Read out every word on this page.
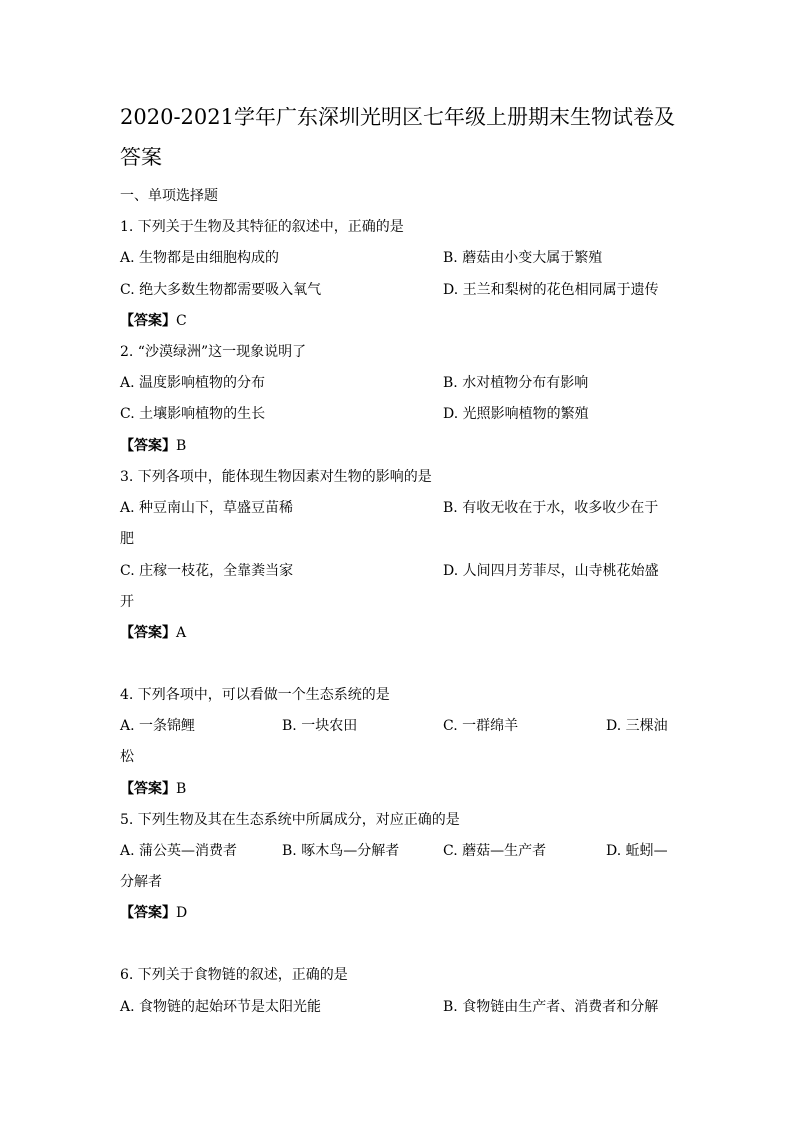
2020-2021学年广东深圳光明区七年级上册期末生物试卷及
答案
一、单项选择题
1. 下列关于生物及其特征的叙述中，正确的是
A. 生物都是由细胞构成的	B. 蘑菇由小变大属于繁殖
C. 绝大多数生物都需要吸入氧气	D. 王兰和梨树的花色相同属于遗传
【答案】C
2. “沙漠绿洲”这一现象说明了
A. 温度影响植物的分布	B. 水对植物分布有影响
C. 土壤影响植物的生长	D. 光照影响植物的繁殖
【答案】B
3. 下列各项中，能体现生物因素对生物的影响的是
A. 种豆南山下，草盛豆苗稀	B. 有收无收在于水，收多收少在于
肥
C. 庄稼一枝花，全靠粪当家	D. 人间四月芳菲尽，山寺桃花始盛
开
【答案】A
4. 下列各项中，可以看做一个生态系统的是
A. 一条锦鲤	B. 一块农田	C. 一群绵羊	D. 三棵油
松
【答案】B
5. 下列生物及其在生态系统中所属成分，对应正确的是
A. 蒲公英—消费者	B. 啄木鸟—分解者	C. 蘑菇—生产者	D. 蚯蚓—
分解者
【答案】D
6. 下列关于食物链的叙述，正确的是
A. 食物链的起始环节是太阳光能	B. 食物链由生产者、消费者和分解
